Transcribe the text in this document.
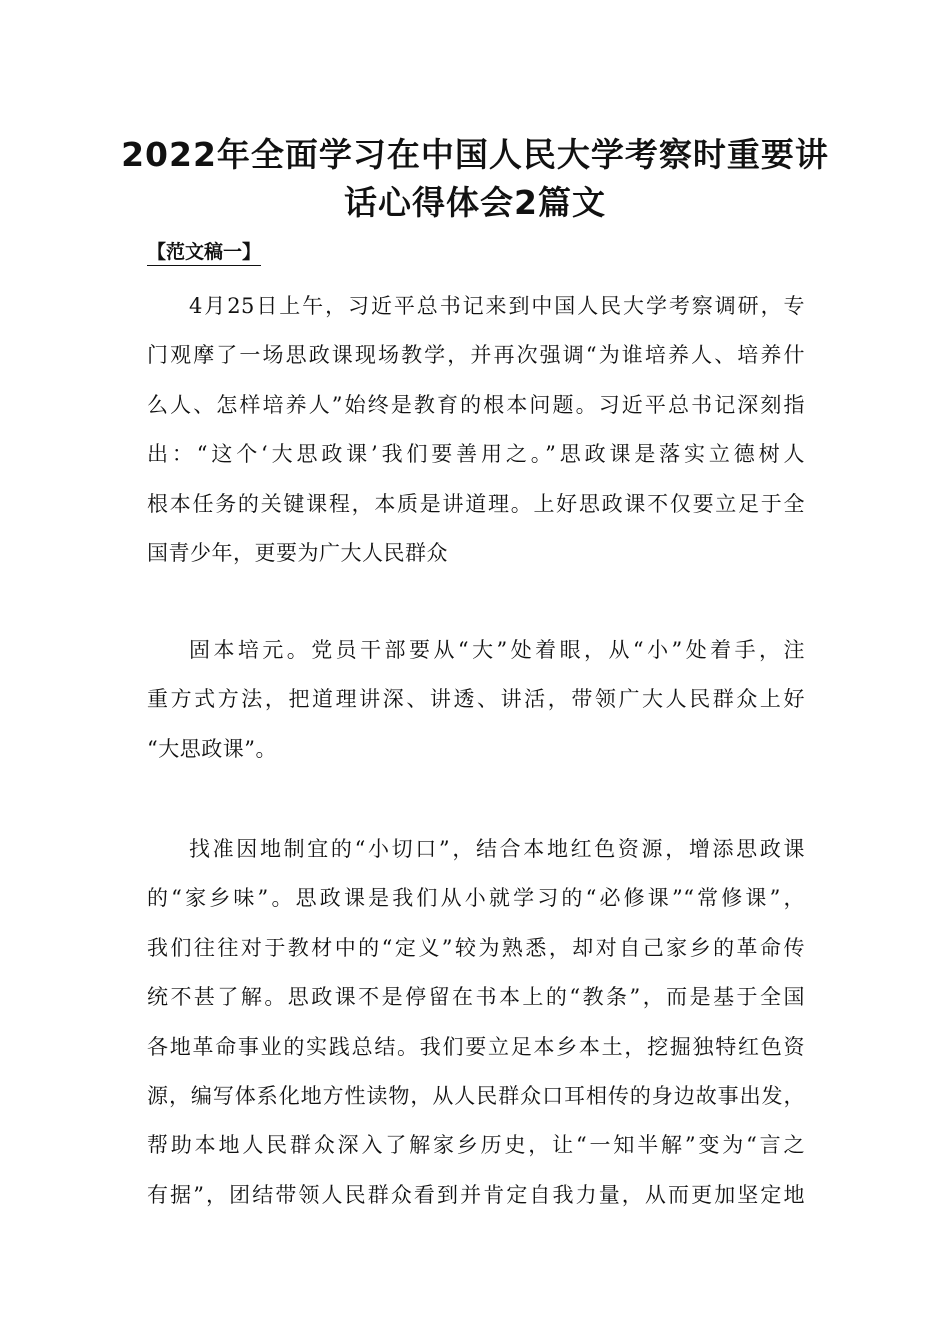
2022年全面学习在中国人民大学考察时重要讲
话心得体会2篇文
【范文稿一】
4月25日上午，习近平总书记来到中国人民大学考察调研，专
门观摩了一场思政课现场教学，并再次强调“为谁培养人、培养什
么人、怎样培养人”始终是教育的根本问题。习近平总书记深刻指
出：“这个‘大思政课’我们要善用之。”思政课是落实立德树人
根本任务的关键课程，本质是讲道理。上好思政课不仅要立足于全
国青少年，更要为广大人民群众
固本培元。党员干部要从“大”处着眼，从“小”处着手，注
重方式方法，把道理讲深、讲透、讲活，带领广大人民群众上好
“大思政课”。
找准因地制宜的“小切口”，结合本地红色资源，增添思政课
的“家乡味”。思政课是我们从小就学习的“必修课”“常修课”，
我们往往对于教材中的“定义”较为熟悉，却对自己家乡的革命传
统不甚了解。思政课不是停留在书本上的“教条”，而是基于全国
各地革命事业的实践总结。我们要立足本乡本土，挖掘独特红色资
源，编写体系化地方性读物，从人民群众口耳相传的身边故事出发，
帮助本地人民群众深入了解家乡历史，让“一知半解”变为“言之
有据”，团结带领人民群众看到并肯定自我力量，从而更加坚定地
